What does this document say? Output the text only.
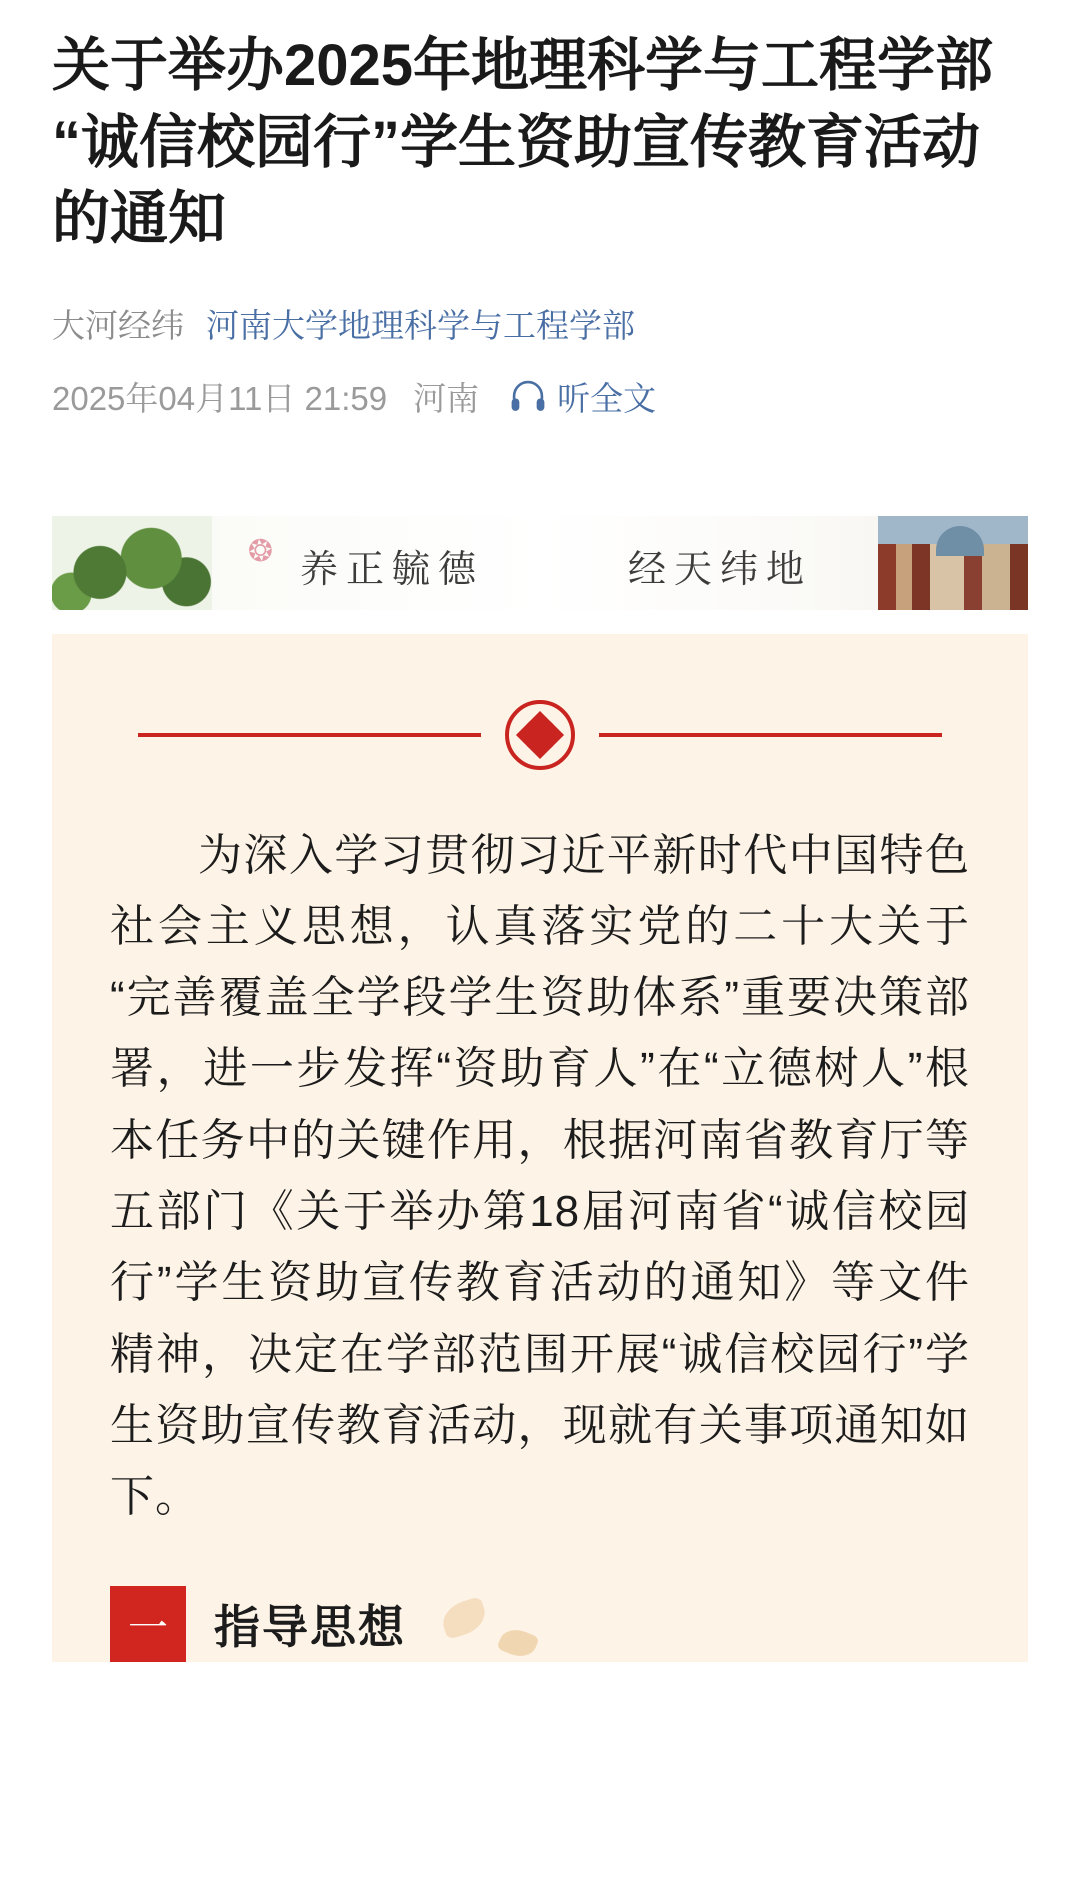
关于举办2025年地理科学与工程学部“诚信校园行”学生资助宣传教育活动的通知
大河经纬 河南大学地理科学与工程学部
2025年04月11日 21:59 河南 听全文
❂ 养正毓德	经天纬地

为深入学习贯彻习近平新时代中国特色社会主义思想，认真落实党的二十大关于“完善覆盖全学段学生资助体系”重要决策部署，进一步发挥“资助育人”在“立德树人”根本任务中的关键作用，根据河南省教育厅等五部门《关于举办第18届河南省“诚信校园行”学生资助宣传教育活动的通知》等文件精神，决定在学部范围开展“诚信校园行”学生资助宣传教育活动，现就有关事项通知如下。

一	指导思想
